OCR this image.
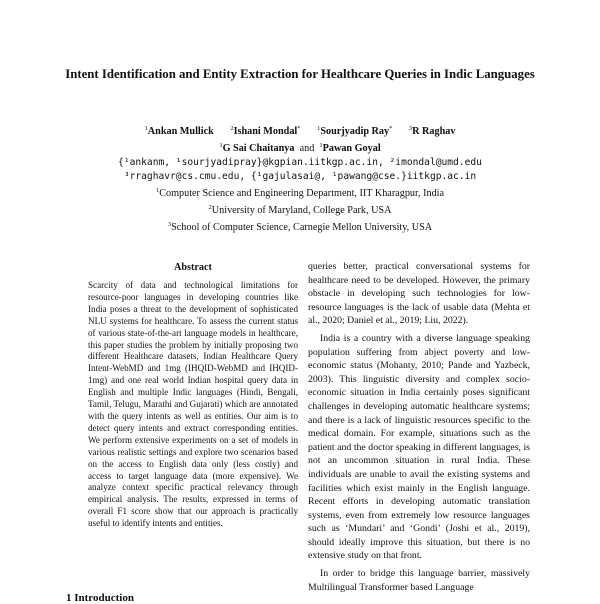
Intent Identification and Entity Extraction for Healthcare Queries in Indic Languages
$^1$Ankan Mullick	$^2$Ishani Mondal*	$^1$Sourjyadip Ray*	$^3$R Raghav
$^1$G Sai Chaitanya and $^1$Pawan Goyal
{¹ankanm, ¹sourjyadipray}@kgpian.iitkgp.ac.in, ²imondal@umd.edu
³rraghavr@cs.cmu.edu, {¹gajulasai@, ¹pawang@cse.}iitkgp.ac.in
$^1$Computer Science and Engineering Department, IIT Kharagpur, India
$^2$University of Maryland, College Park, USA
$^3$School of Computer Science, Carnegie Mellon University, USA
Abstract
Scarcity of data and technological limitations for resource-poor languages in developing countries like India poses a threat to the development of sophisticated NLU systems for healthcare. To assess the current status of various state-of-the-art language models in healthcare, this paper studies the problem by initially proposing two different Healthcare datasets, Indian Healthcare Query Intent-WebMD and 1mg (IHQID-WebMD and IHQID-1mg) and one real world Indian hospital query data in English and multiple Indic languages (Hindi, Bengali, Tamil, Telugu, Marathi and Gujarati) which are annotated with the query intents as well as entities. Our aim is to detect query intents and extract corresponding entities. We perform extensive experiments on a set of models in various realistic settings and explore two scenarios based on the access to English data only (less costly) and access to target language data (more expensive). We analyze context specific practical relevancy through empirical analysis. The results, expressed in terms of overall F1 score show that our approach is practically useful to identify intents and entities.
1 Introduction

queries better, practical conversational systems for healthcare need to be developed. However, the primary obstacle in developing such technologies for low-resource languages is the lack of usable data (Mehta et al., 2020; Daniel et al., 2019; Liu, 2022).

India is a country with a diverse language speaking population suffering from abject poverty and low-economic status (Mohanty, 2010; Pande and Yazbeck, 2003). This linguistic diversity and complex socio-economic situation in India certainly poses significant challenges in developing automatic healthcare systems; and there is a lack of linguistic resources specific to the medical domain. For example, situations such as the patient and the doctor speaking in different languages, is not an uncommon situation in rural India. These individuals are unable to avail the existing systems and facilities which exist mainly in the English language. Recent efforts in developing automatic translation systems, even from extremely low resource languages such as ‘Mundari’ and ‘Gondi’ (Joshi et al., 2019), should ideally improve this situation, but there is no extensive study on that front.

In order to bridge this language barrier, massively Multilingual Transformer based Language
